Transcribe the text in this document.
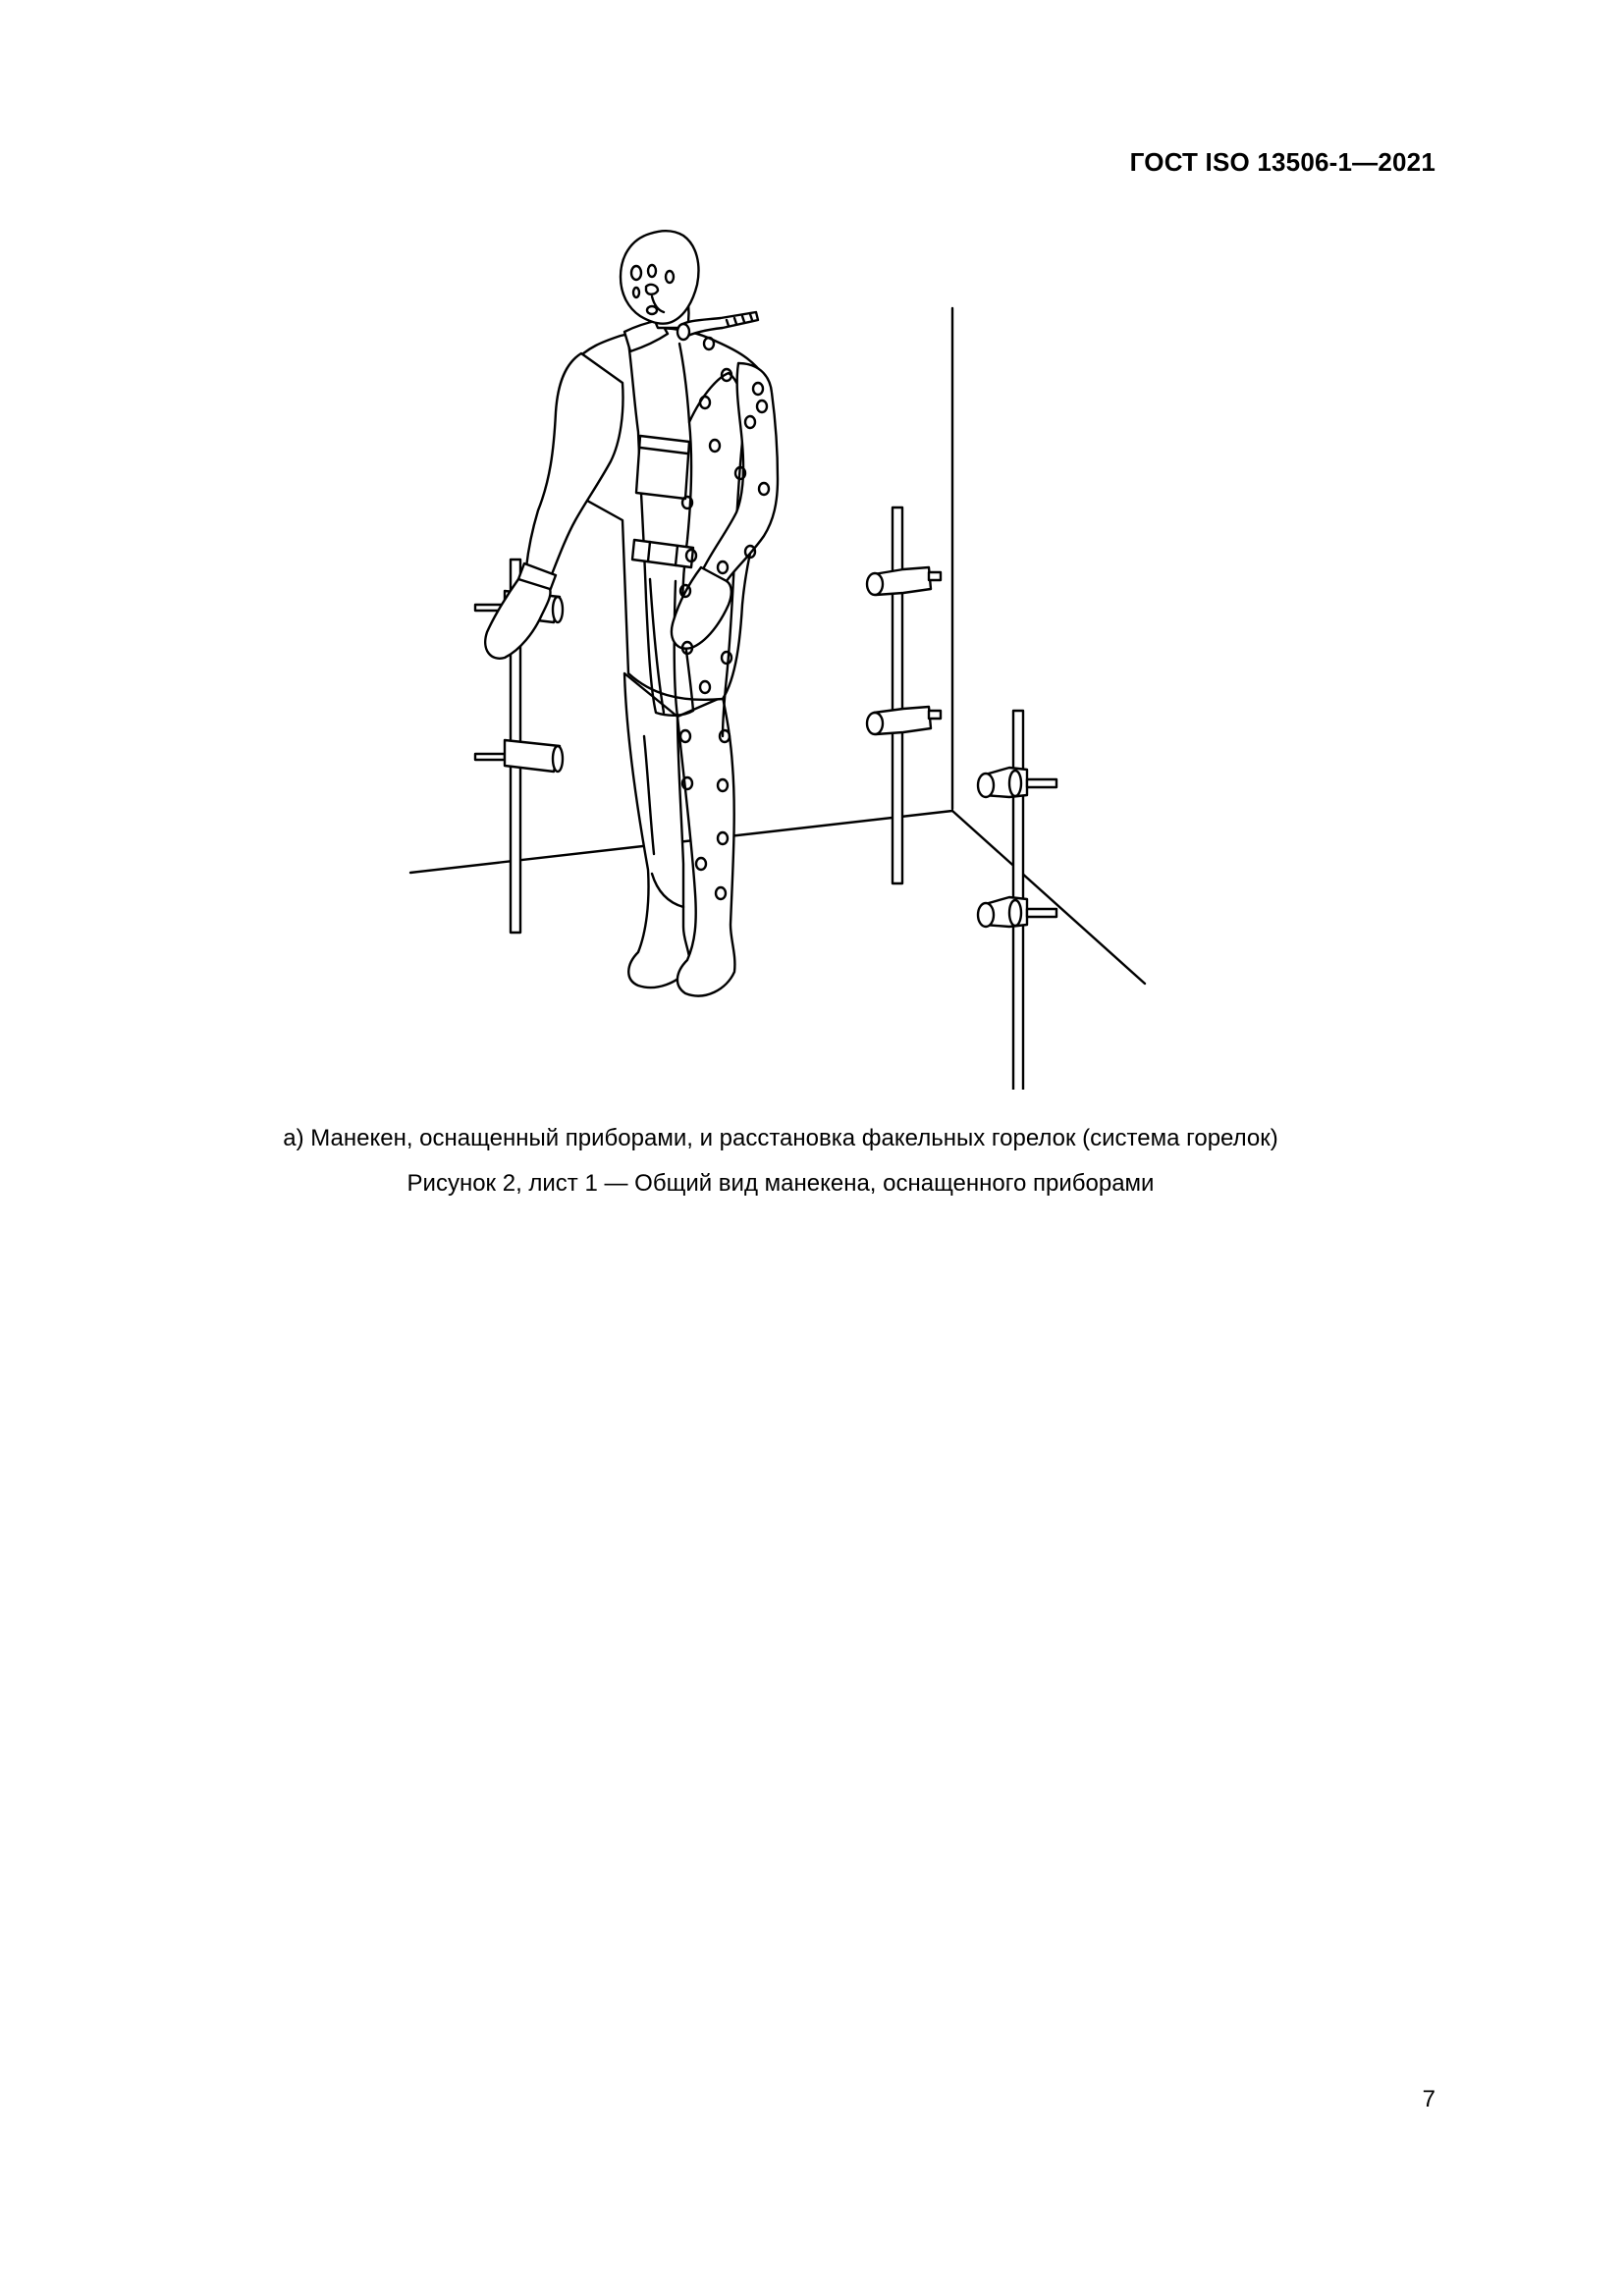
ГОСТ ISO 13506-1—2021
а) Манекен, оснащенный приборами, и расстановка факельных горелок (система горелок)
Рисунок 2, лист 1 — Общий вид манекена, оснащенного приборами
7
